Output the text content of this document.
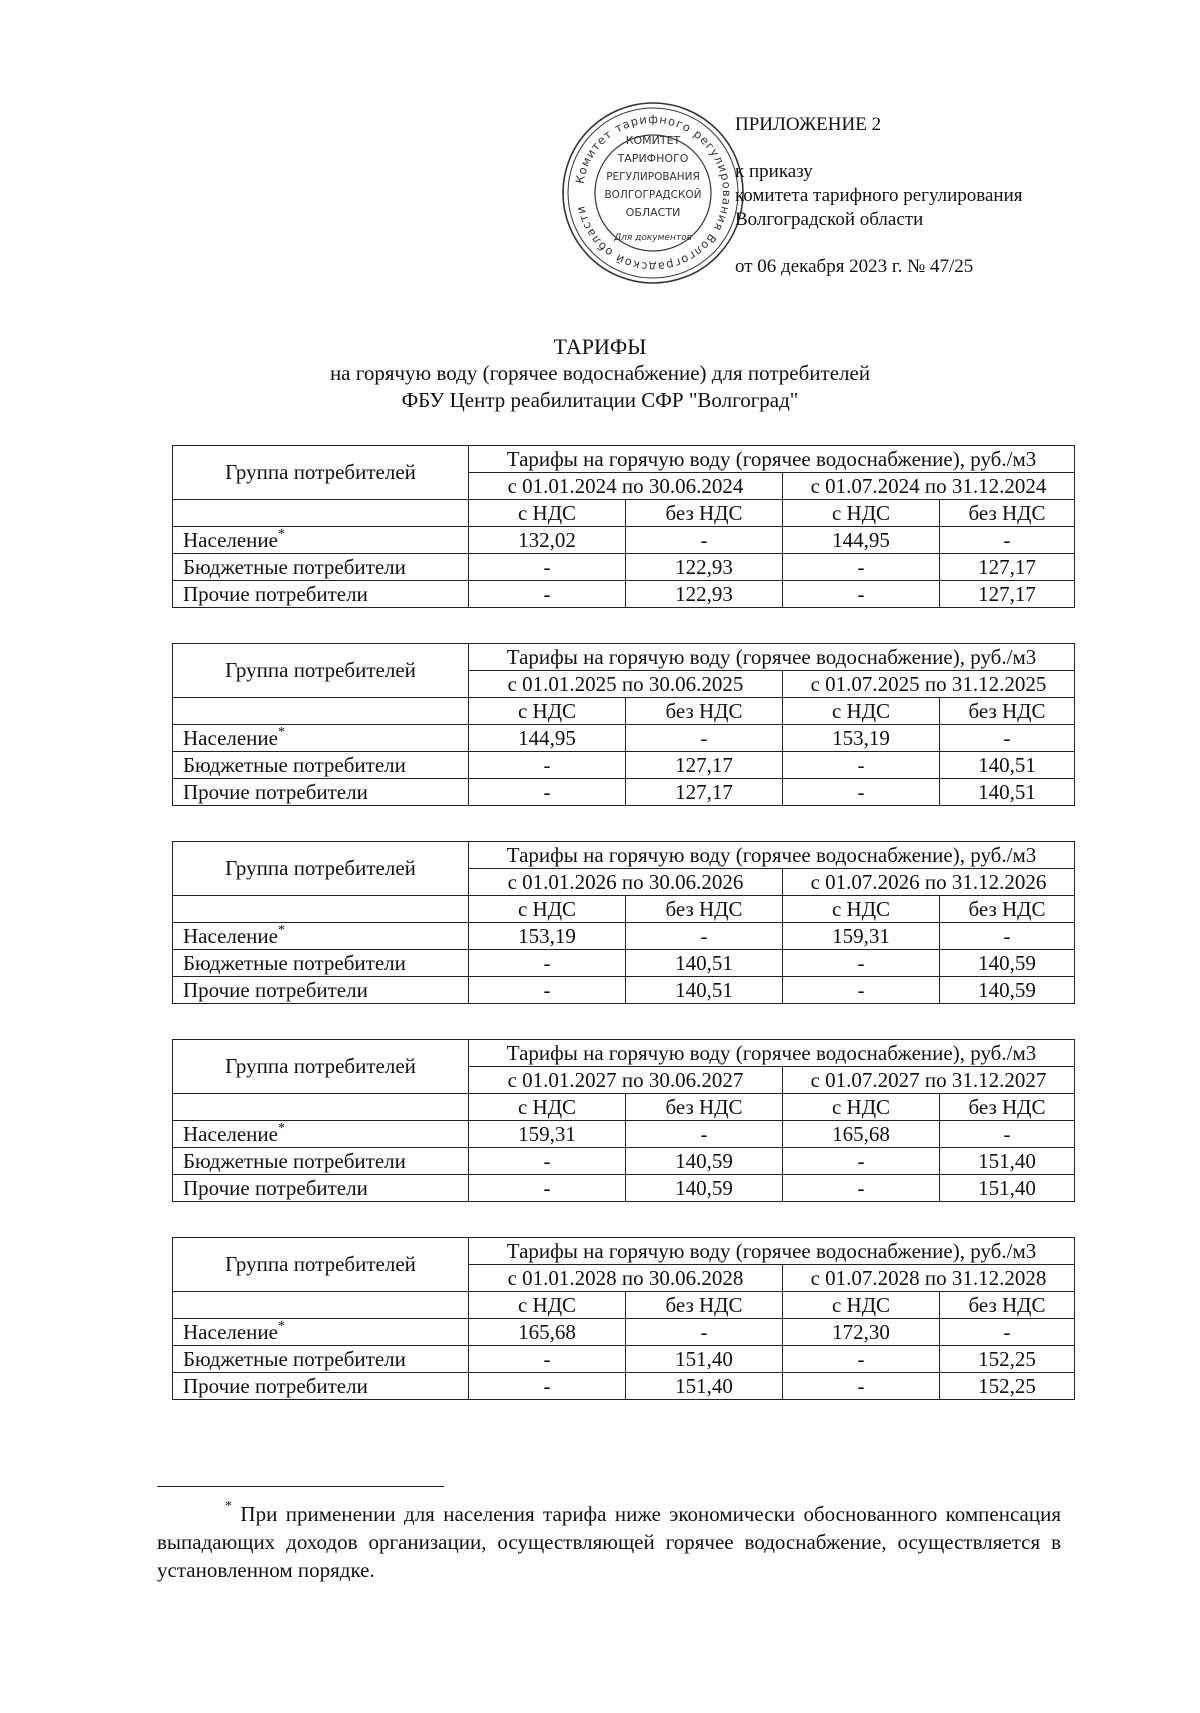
Комитет тарифного регулирования Волгоградской области
КОМИТЕТ
ТАРИФНОГО
РЕГУЛИРОВАНИЯ
ВОЛГОГРАДСКОЙ
ОБЛАСТИ
Для документов
ПРИЛОЖЕНИЕ 2
к приказу
комитета тарифного регулирования
Волгоградской области
от 06 декабря 2023 г. № 47/25
ТАРИФЫ
на горячую воду (горячее водоснабжение) для потребителей
ФБУ Центр реабилитации СФР "Волгоград"
Группа потребителей	Тарифы на горячую воду (горячее водоснабжение), руб./м3			
	с 01.01.2024 по 30.06.2024		с 01.07.2024 по 31.12.2024	
	с НДС	без НДС	с НДС	без НДС
Население*	132,02	-	144,95	-
Бюджетные потребители	-	122,93	-	127,17
Прочие потребители	-	122,93	-	127,17
Группа потребителей	Тарифы на горячую воду (горячее водоснабжение), руб./м3			
	с 01.01.2025 по 30.06.2025		с 01.07.2025 по 31.12.2025	
	с НДС	без НДС	с НДС	без НДС
Население*	144,95	-	153,19	-
Бюджетные потребители	-	127,17	-	140,51
Прочие потребители	-	127,17	-	140,51
Группа потребителей	Тарифы на горячую воду (горячее водоснабжение), руб./м3			
	с 01.01.2026 по 30.06.2026		с 01.07.2026 по 31.12.2026	
	с НДС	без НДС	с НДС	без НДС
Население*	153,19	-	159,31	-
Бюджетные потребители	-	140,51	-	140,59
Прочие потребители	-	140,51	-	140,59
Группа потребителей	Тарифы на горячую воду (горячее водоснабжение), руб./м3			
	с 01.01.2027 по 30.06.2027		с 01.07.2027 по 31.12.2027	
	с НДС	без НДС	с НДС	без НДС
Население*	159,31	-	165,68	-
Бюджетные потребители	-	140,59	-	151,40
Прочие потребители	-	140,59	-	151,40
Группа потребителей	Тарифы на горячую воду (горячее водоснабжение), руб./м3			
	с 01.01.2028 по 30.06.2028		с 01.07.2028 по 31.12.2028	
	с НДС	без НДС	с НДС	без НДС
Население*	165,68	-	172,30	-
Бюджетные потребители	-	151,40	-	152,25
Прочие потребители	-	151,40	-	152,25

* При применении для населения тарифа ниже экономически обоснованного компенсация выпадающих доходов организации, осуществляющей горячее водоснабжение, осуществляется в установленном порядке.
